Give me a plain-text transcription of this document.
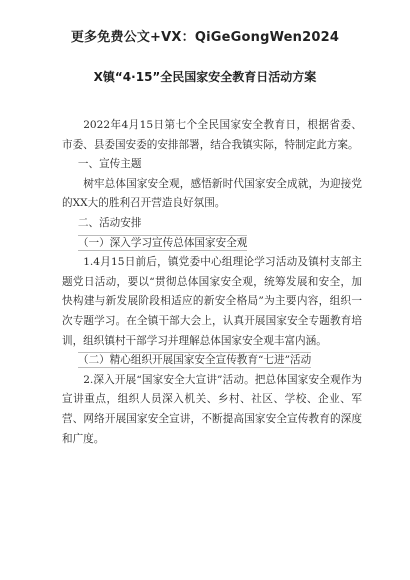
更多免费公文+VX：QiGeGongWen2024
X镇“4·15”全民国家安全教育日活动方案

2022年4月15日第七个全民国家安全教育日，根据省委、市委、县委国安委的安排部署，结合我镇实际，特制定此方案。

一、宣传主题

树牢总体国家安全观，感悟新时代国家安全成就，为迎接党的XX大的胜利召开营造良好氛围。

二、活动安排

（一）深入学习宣传总体国家安全观

1.4月15日前后，镇党委中心组理论学习活动及镇村支部主题党日活动，要以“贯彻总体国家安全观，统筹发展和安全，加快构建与新发展阶段相适应的新安全格局”为主要内容，组织一次专题学习。在全镇干部大会上，认真开展国家安全专题教育培训，组织镇村干部学习并理解总体国家安全观丰富内涵。

（二）精心组织开展国家安全宣传教育“七进”活动

2.深入开展“国家安全大宣讲”活动。把总体国家安全观作为宣讲重点，组织人员深入机关、乡村、社区、学校、企业、军营、网络开展国家安全宣讲，不断提高国家安全宣传教育的深度和广度。
